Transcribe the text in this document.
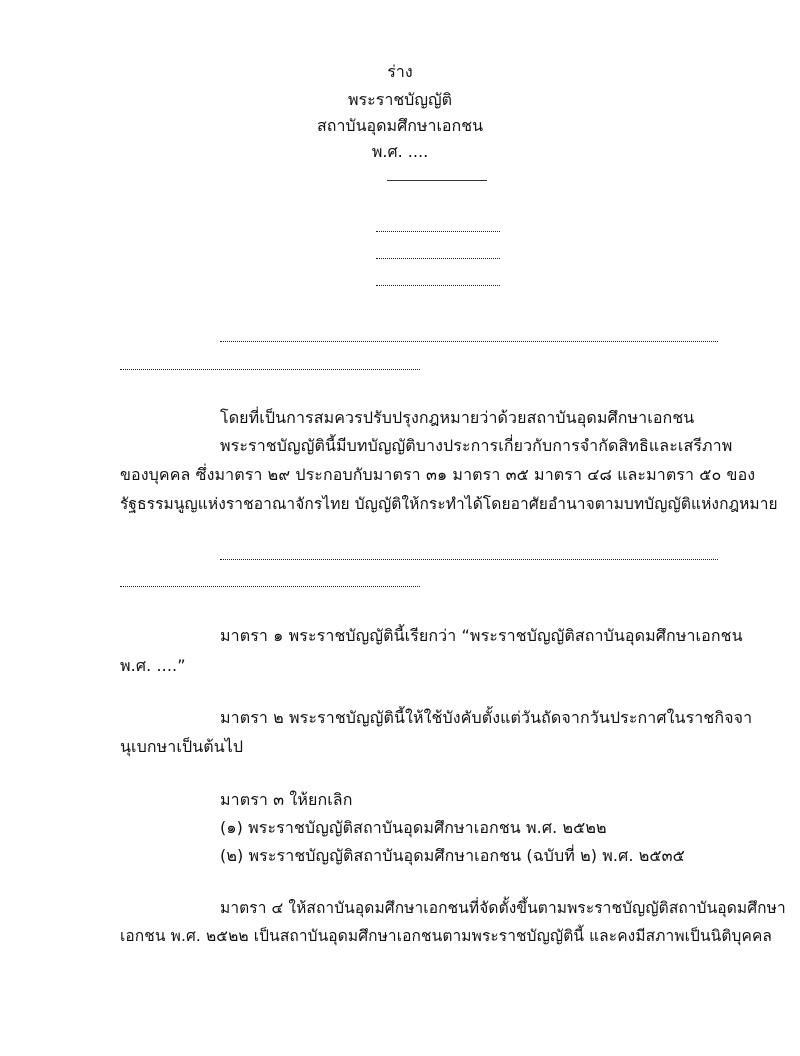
ร่าง
พระราชบัญญัติ
สถาบันอุดมศึกษาเอกชน
พ.ศ. ....
โดยที่เป็นการสมควรปรับปรุงกฎหมายว่าด้วยสถาบันอุดมศึกษาเอกชน
พระราชบัญญัตินี้มีบทบัญญัติบางประการเกี่ยวกับการจำกัดสิทธิและเสรีภาพ
ของบุคคล ซึ่งมาตรา ๒๙ ประกอบกับมาตรา ๓๑ มาตรา ๓๕ มาตรา ๔๘ และมาตรา ๕๐ ของ
รัฐธรรมนูญแห่งราชอาณาจักรไทย บัญญัติให้กระทำได้โดยอาศัยอำนาจตามบทบัญญัติแห่งกฎหมาย
มาตรา ๑ พระราชบัญญัตินี้เรียกว่า “พระราชบัญญัติสถาบันอุดมศึกษาเอกชน
พ.ศ. ....”
มาตรา ๒ พระราชบัญญัตินี้ให้ใช้บังคับตั้งแต่วันถัดจากวันประกาศในราชกิจจา
นุเบกษาเป็นต้นไป
มาตรา ๓ ให้ยกเลิก
(๑) พระราชบัญญัติสถาบันอุดมศึกษาเอกชน พ.ศ. ๒๕๒๒
(๒) พระราชบัญญัติสถาบันอุดมศึกษาเอกชน (ฉบับที่ ๒) พ.ศ. ๒๕๓๕
มาตรา ๔ ให้สถาบันอุดมศึกษาเอกชนที่จัดตั้งขึ้นตามพระราชบัญญัติสถาบันอุดมศึกษา
เอกชน พ.ศ. ๒๕๒๒ เป็นสถาบันอุดมศึกษาเอกชนตามพระราชบัญญัตินี้ และคงมีสภาพเป็นนิติบุคคล
